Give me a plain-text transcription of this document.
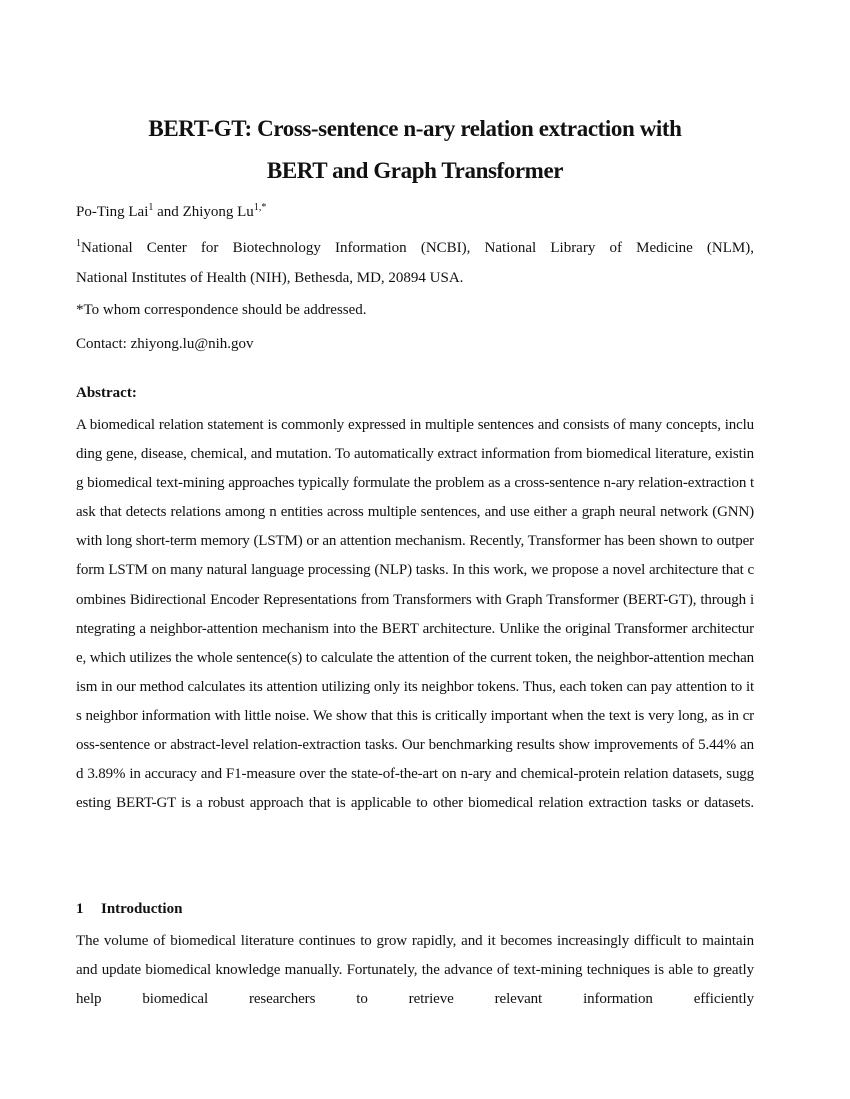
BERT-GT: Cross-sentence n-ary relation extraction with
BERT and Graph Transformer
Po-Ting Lai$^1$ and Zhiyong $Lu^{1,*}$
$^1$National Center for Biotechnology Information (NCBI), National Library of Medicine (NLM),
National Institutes of Health (NIH), Bethesda, MD, 20894 USA.
*To whom correspondence should be addressed.
Contact: zhiyong.lu@nih.gov
Abstract:
A biomedical relation statement is commonly expressed in multiple sentences and consists of many concepts, including gene, disease, chemical, and mutation. To automatically extract information from biomedical literature, existing biomedical text-mining approaches typically formulate the problem as a cross-sentence n-ary relation-extraction task that detects relations among n entities across multiple sentences, and use either a graph neural network (GNN) with long short-term memory (LSTM) or an attention mechanism. Recently, Transformer has been shown to outperform LSTM on many natural language processing (NLP) tasks. In this work, we propose a novel architecture that combines Bidirectional Encoder Representations from Transformers with Graph Transformer (BERT-GT), through integrating a neighbor-attention mechanism into the BERT architecture. Unlike the original Transformer architecture, which utilizes the whole sentence(s) to calculate the attention of the current token, the neighbor-attention mechanism in our method calculates its attention utilizing only its neighbor tokens. Thus, each token can pay attention to its neighbor information with little noise. We show that this is critically important when the text is very long, as in cross-sentence or abstract-level relation-extraction tasks. Our benchmarking results show improvements of 5.44% and 3.89% in accuracy and F1-measure over the state-of-the-art on n-ary and chemical-protein relation datasets, suggesting BERT-GT is a robust approach that is applicable to other biomedical relation extraction tasks or datasets.
1 Introduction
The volume of biomedical literature continues to grow rapidly, and it becomes increasingly difficult to maintain and update biomedical knowledge manually. Fortunately, the advance of text-mining techniques is able to greatly help biomedical researchers to retrieve relevant information efficiently
